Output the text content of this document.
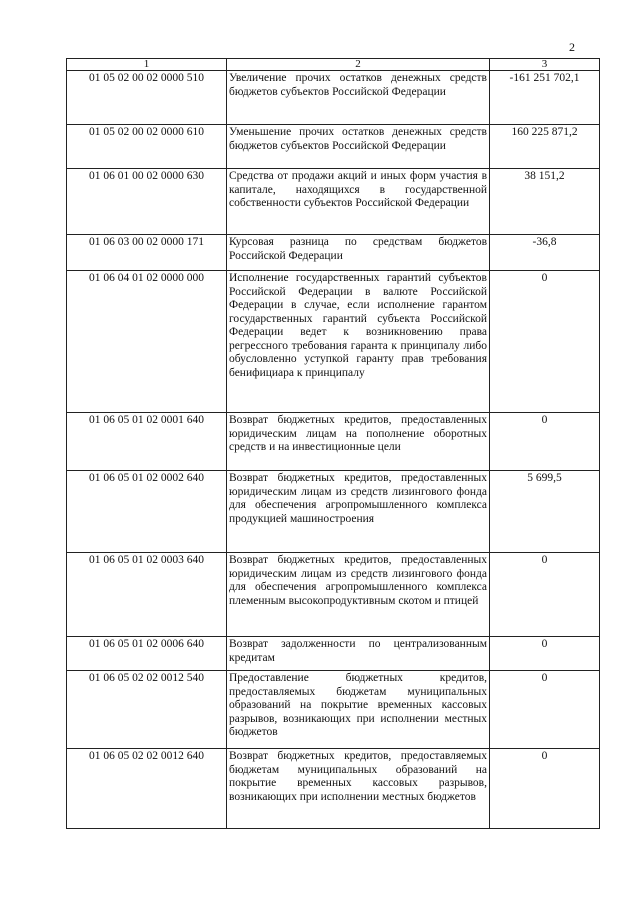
2
1	2	3
01 05 02 00 02 0000 510	Увеличение прочих остатков денежных средств бюджетов субъектов Российской Федерации	-161 251 702,1
01 05 02 00 02 0000 610	Уменьшение прочих остатков денежных средств бюджетов субъектов Российской Федерации	160 225 871,2
01 06 01 00 02 0000 630	Средства от продажи акций и иных форм участия в капитале, находящихся в государственной собственности субъектов Российской Федерации	38 151,2
01 06 03 00 02 0000 171	Курсовая разница по средствам бюджетов Российской Федерации	-36,8
01 06 04 01 02 0000 000	Исполнение государственных гарантий субъектов Российской Федерации в валюте Российской Федерации в случае, если исполнение гарантом государственных гарантий субъекта Российской Федерации ведет к возникновению права регрессного требования гаранта к принципалу либо обусловленно уступкой гаранту прав требования бенифициара к принципалу	0
01 06 05 01 02 0001 640	Возврат бюджетных кредитов, предоставленных юридическим лицам на пополнение оборотных средств и на инвестиционные цели	0
01 06 05 01 02 0002 640	Возврат бюджетных кредитов, предоставленных юридическим лицам из средств лизингового фонда для обеспечения агропромышленного комплекса продукцией машиностроения	5 699,5
01 06 05 01 02 0003 640	Возврат бюджетных кредитов, предоставленных юридическим лицам из средств лизингового фонда для обеспечения агропромышленного комплекса племенным высокопродуктивным скотом и птицей	0
01 06 05 01 02 0006 640	Возврат задолженности по централизованным кредитам	0
01 06 05 02 02 0012 540	Предоставление бюджетных кредитов, предоставляемых бюджетам муниципальных образований на покрытие временных кассовых разрывов, возникающих при исполнении местных бюджетов	0
01 06 05 02 02 0012 640	Возврат бюджетных кредитов, предоставляемых бюджетам муниципальных образований на покрытие временных кассовых разрывов, возникающих при исполнении местных бюджетов	0
